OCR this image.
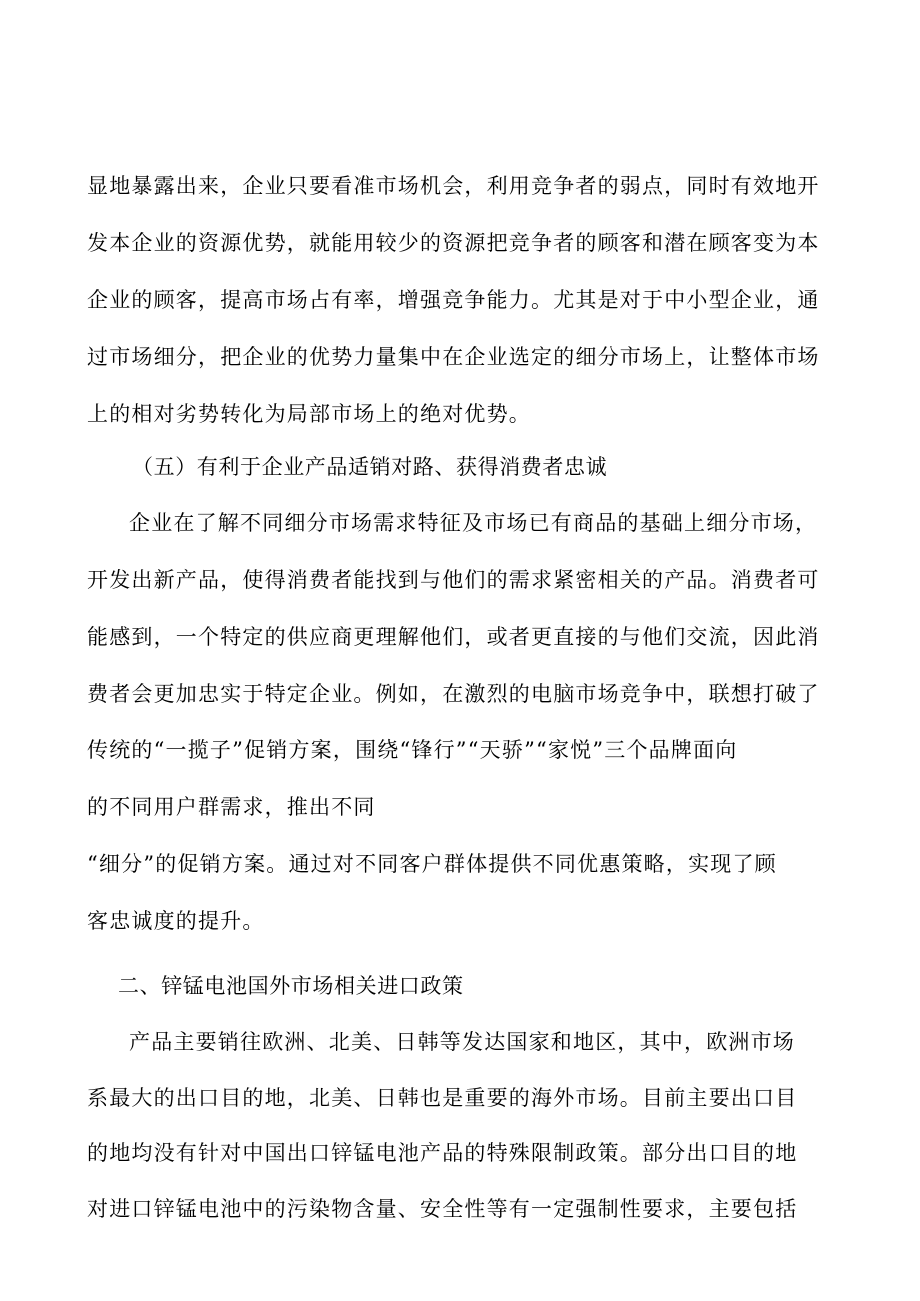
显地暴露出来，企业只要看准市场机会，利用竞争者的弱点，同时有效地开
发本企业的资源优势，就能用较少的资源把竞争者的顾客和潜在顾客变为本
企业的顾客，提高市场占有率，增强竞争能力。尤其是对于中小型企业，通
过市场细分，把企业的优势力量集中在企业选定的细分市场上，让整体市场
上的相对劣势转化为局部市场上的绝对优势。
（五）有利于企业产品适销对路、获得消费者忠诚
企业在了解不同细分市场需求特征及市场已有商品的基础上细分市场，
开发出新产品，使得消费者能找到与他们的需求紧密相关的产品。消费者可
能感到，一个特定的供应商更理解他们，或者更直接的与他们交流，因此消
费者会更加忠实于特定企业。例如，在激烈的电脑市场竞争中，联想打破了
传统的“一揽子”促销方案，围绕“锋行”“天骄”“家悦”三个品牌面向
的不同用户群需求，推出不同
“细分”的促销方案。通过对不同客户群体提供不同优惠策略，实现了顾
客忠诚度的提升。
二、锌锰电池国外市场相关进口政策
产品主要销往欧洲、北美、日韩等发达国家和地区，其中，欧洲市场
系最大的出口目的地，北美、日韩也是重要的海外市场。目前主要出口目
的地均没有针对中国出口锌锰电池产品的特殊限制政策。部分出口目的地
对进口锌锰电池中的污染物含量、安全性等有一定强制性要求，主要包括
